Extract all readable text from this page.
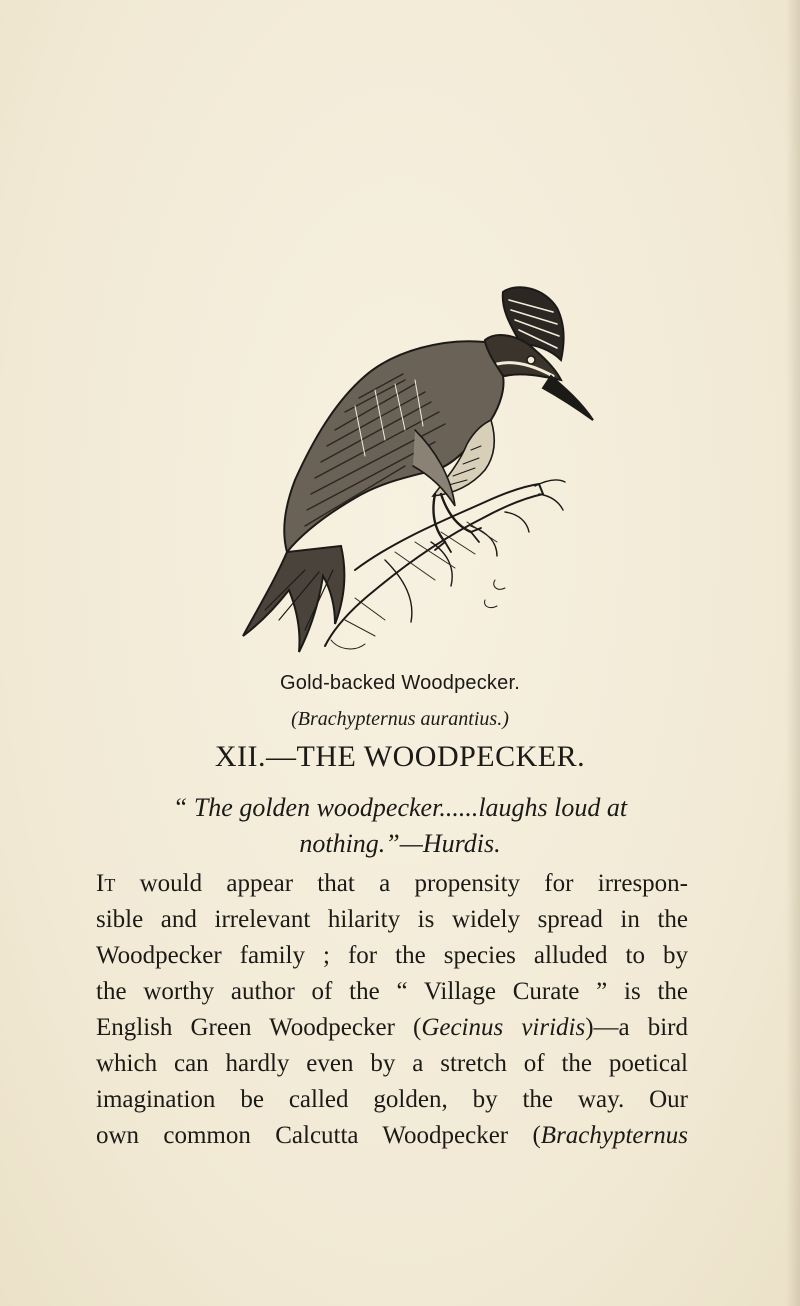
Gold-backed Woodpecker.
(Brachypternus aurantius.)
XII.—THE WOODPECKER.
“ The golden woodpecker......laughs loud at
nothing.”—Hurdis.
It would appear that a propensity for irrespon-
sible and irrelevant hilarity is widely spread in the
Woodpecker family ; for the species alluded to by
the worthy author of the “ Village Curate ” is the
English Green Woodpecker (Gecinus viridis)—a bird
which can hardly even by a stretch of the poetical
imagination be called golden, by the way. Our
own common Calcutta Woodpecker (Brachypternus
